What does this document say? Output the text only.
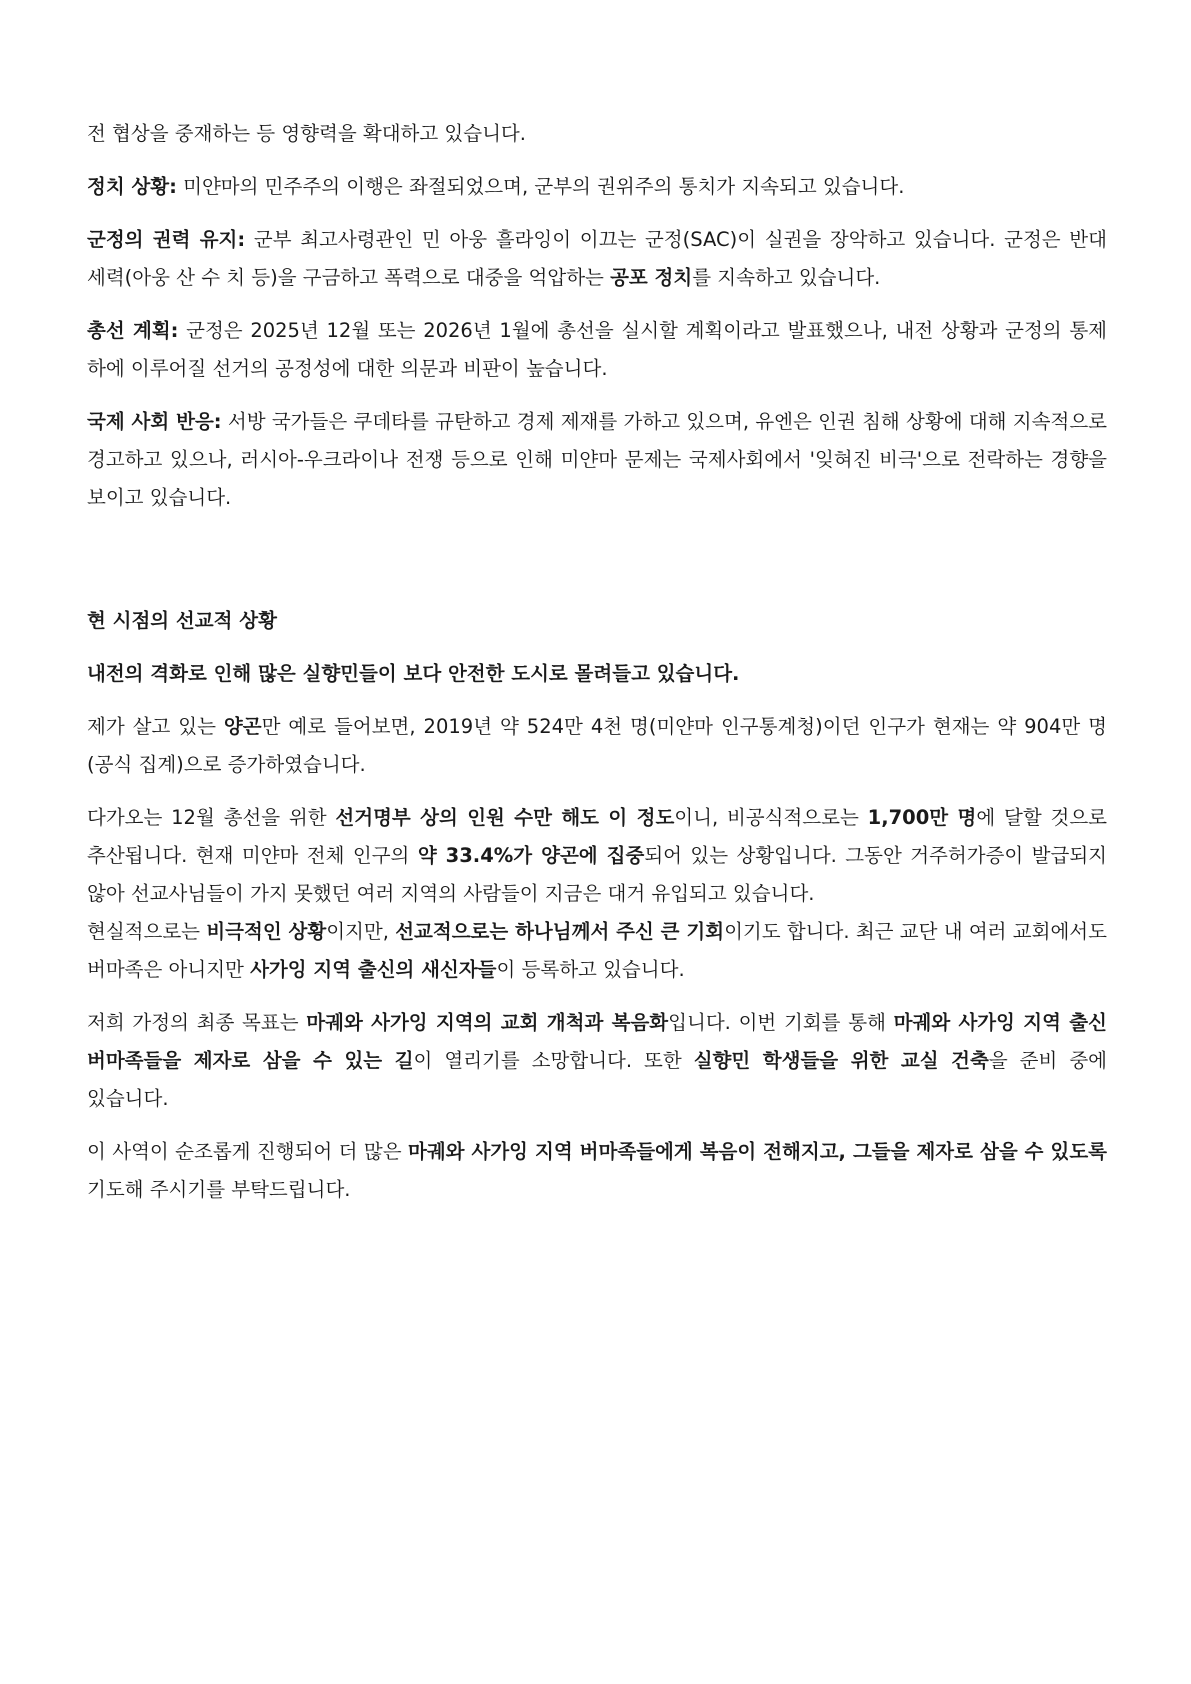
전 협상을 중재하는 등 영향력을 확대하고 있습니다.

정치 상황: 미얀마의 민주주의 이행은 좌절되었으며, 군부의 권위주의 통치가 지속되고 있습니다.

군정의 권력 유지: 군부 최고사령관인 민 아웅 흘라잉이 이끄는 군정(SAC)이 실권을 장악하고 있습니다. 군정은 반대 세력(아웅 산 수 치 등)을 구금하고 폭력으로 대중을 억압하는 공포 정치를 지속하고 있습니다.

총선 계획: 군정은 2025년 12월 또는 2026년 1월에 총선을 실시할 계획이라고 발표했으나, 내전 상황과 군정의 통제 하에 이루어질 선거의 공정성에 대한 의문과 비판이 높습니다.

국제 사회 반응: 서방 국가들은 쿠데타를 규탄하고 경제 제재를 가하고 있으며, 유엔은 인권 침해 상황에 대해 지속적으로 경고하고 있으나, 러시아-우크라이나 전쟁 등으로 인해 미얀마 문제는 국제사회에서 '잊혀진 비극'으로 전락하는 경향을 보이고 있습니다.

현 시점의 선교적 상황

내전의 격화로 인해 많은 실향민들이 보다 안전한 도시로 몰려들고 있습니다.

제가 살고 있는 양곤만 예로 들어보면, 2019년 약 524만 4천 명(미얀마 인구통계청)이던 인구가 현재는 약 904만 명(공식 집계)으로 증가하였습니다.

다가오는 12월 총선을 위한 선거명부 상의 인원 수만 해도 이 정도이니, 비공식적으로는 1,700만 명에 달할 것으로 추산됩니다. 현재 미얀마 전체 인구의 약 33.4%가 양곤에 집중되어 있는 상황입니다. 그동안 거주허가증이 발급되지 않아 선교사님들이 가지 못했던 여러 지역의 사람들이 지금은 대거 유입되고 있습니다.

현실적으로는 비극적인 상황이지만, 선교적으로는 하나님께서 주신 큰 기회이기도 합니다. 최근 교단 내 여러 교회에서도 버마족은 아니지만 사가잉 지역 출신의 새신자들이 등록하고 있습니다.

저희 가정의 최종 목표는 마궤와 사가잉 지역의 교회 개척과 복음화입니다. 이번 기회를 통해 마궤와 사가잉 지역 출신 버마족들을 제자로 삼을 수 있는 길이 열리기를 소망합니다. 또한 실향민 학생들을 위한 교실 건축을 준비 중에 있습니다.

이 사역이 순조롭게 진행되어 더 많은 마궤와 사가잉 지역 버마족들에게 복음이 전해지고, 그들을 제자로 삼을 수 있도록 기도해 주시기를 부탁드립니다.
